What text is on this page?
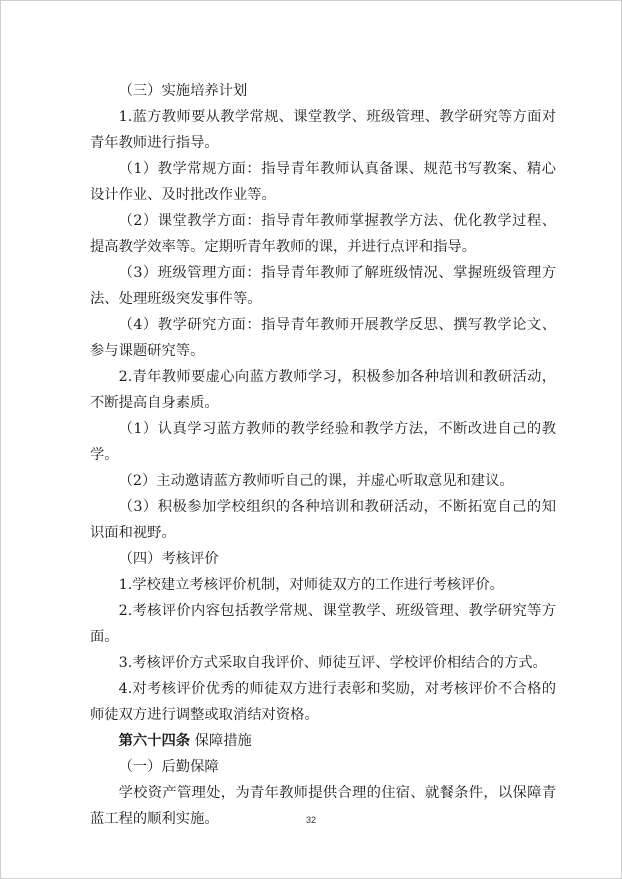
（三）实施培养计划

1.蓝方教师要从教学常规、课堂教学、班级管理、教学研究等方面对青年教师进行指导。

（1）教学常规方面：指导青年教师认真备课、规范书写教案、精心设计作业、及时批改作业等。

（2）课堂教学方面：指导青年教师掌握教学方法、优化教学过程、提高教学效率等。定期听青年教师的课，并进行点评和指导。

（3）班级管理方面：指导青年教师了解班级情况、掌握班级管理方法、处理班级突发事件等。

（4）教学研究方面：指导青年教师开展教学反思、撰写教学论文、参与课题研究等。

2.青年教师要虚心向蓝方教师学习，积极参加各种培训和教研活动，不断提高自身素质。

（1）认真学习蓝方教师的教学经验和教学方法，不断改进自己的教学。

（2）主动邀请蓝方教师听自己的课，并虚心听取意见和建议。

（3）积极参加学校组织的各种培训和教研活动，不断拓宽自己的知识面和视野。

（四）考核评价

1.学校建立考核评价机制，对师徒双方的工作进行考核评价。

2.考核评价内容包括教学常规、课堂教学、班级管理、教学研究等方面。

3.考核评价方式采取自我评价、师徒互评、学校评价相结合的方式。

4.对考核评价优秀的师徒双方进行表彰和奖励，对考核评价不合格的师徒双方进行调整或取消结对资格。

第六十四条 保障措施

（一）后勤保障

学校资产管理处，为青年教师提供合理的住宿、就餐条件，以保障青蓝工程的顺利实施。	32
